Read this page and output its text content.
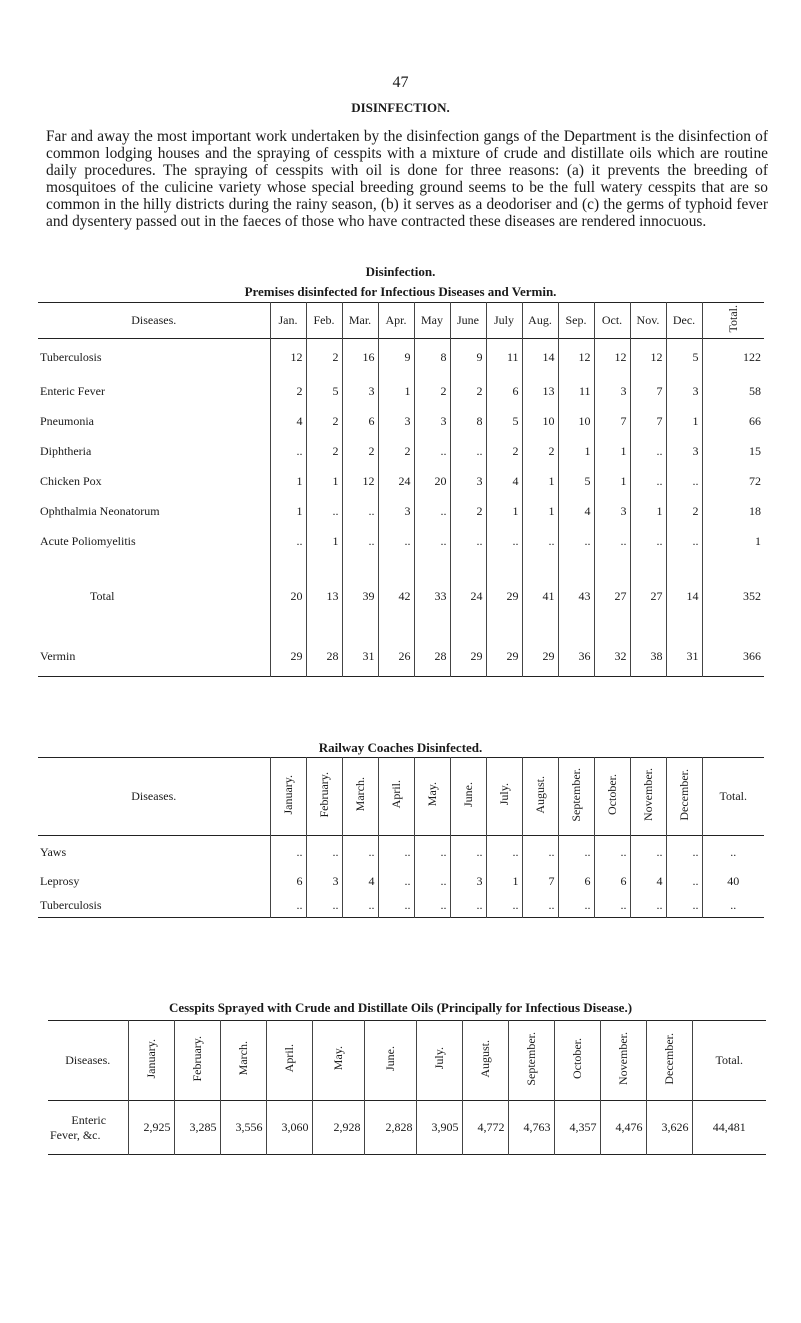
47
DISINFECTION.

Far and away the most important work undertaken by the disinfection gangs of the Department is the disinfection of common lodging houses and the spraying of cesspits with a mixture of crude and distillate oils which are routine daily procedures. The spraying of cesspits with oil is done for three reasons: (a) it prevents the breeding of mosquitoes of the culicine variety whose special breeding ground seems to be the full watery cesspits that are so common in the hilly districts during the rainy season, (b) it serves as a deodoriser and (c) the germs of typhoid fever and dysentery passed out in the faeces of those who have contracted these diseases are rendered innocuous.

Disinfection.
Premises disinfected for Infectious Diseases and Vermin.
Diseases.	Jan.	Feb.	Mar.	Apr.	May	June	July	Aug.	Sep.	Oct.	Nov.	Dec.	Total.
Tuberculosis	12	2	16	9	8	9	11	14	12	12	12	5	122
Enteric Fever	2	5	3	1	2	2	6	13	11	3	7	3	58
Pneumonia	4	2	6	3	3	8	5	10	10	7	7	1	66
Diphtheria	..	2	2	2	..	..	2	2	1	1	..	3	15
Chicken Pox	1	1	12	24	20	3	4	1	5	1	..	..	72
Ophthalmia Neonatorum	1	..	..	3	..	2	1	1	4	3	1	2	18
Acute Poliomyelitis	..	1	..	..	..	..	..	..	..	..	..	..	1
Total	20	13	39	42	33	24	29	41	43	27	27	14	352
Vermin	29	28	31	26	28	29	29	29	36	32	38	31	366
Railway Coaches Disinfected.
Diseases.	January.	February.	March.	April.	May.	June.	July.	August.	September.	October.	November.	December.	Total.
Yaws	..	..	..	..	..	..	..	..	..	..	..	..	..
Leprosy	6	3	4	..	..	3	1	7	6	6	4	..	40
Tuberculosis	..	..	..	..	..	..	..	..	..	..	..	..	..
Cesspits Sprayed with Crude and Distillate Oils (Principally for Infectious Disease.)
Diseases.	January.	February.	March.	April.	May.	June.	July.	August.	September.	October.	November.	December.	Total.

Enteric
Fever, &c.	2,925	3,285	3,556	3,060	2,928	2,828	3,905	4,772	4,763	4,357	4,476	3,626	44,481
